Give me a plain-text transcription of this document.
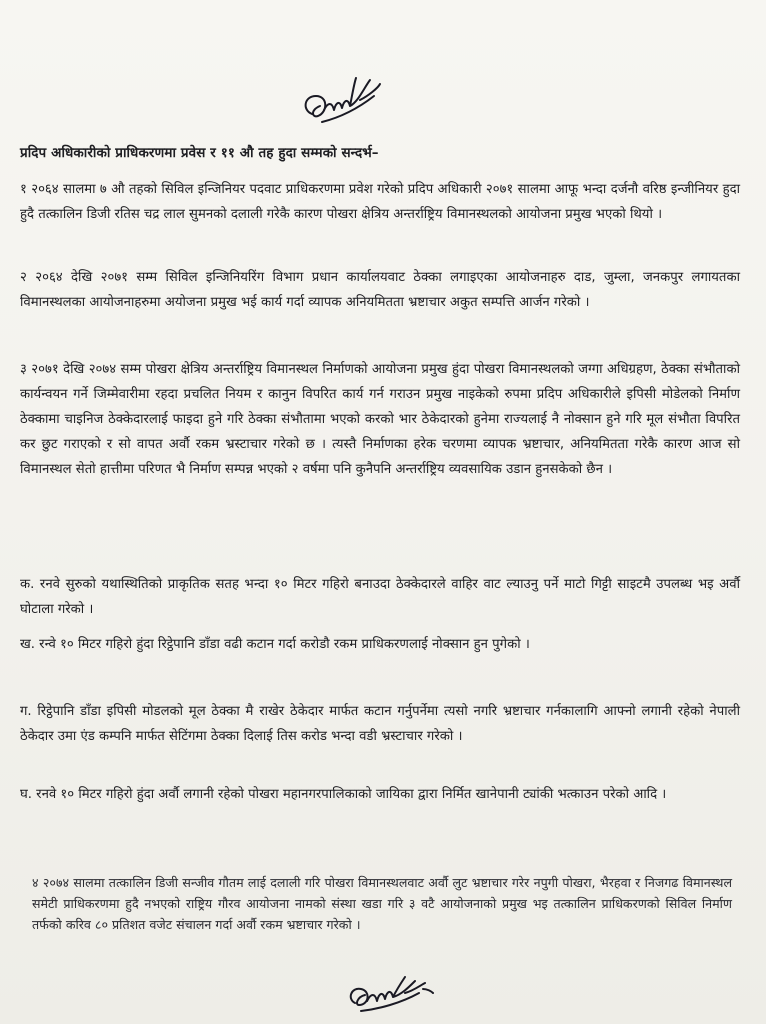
प्रदिप अधिकारीको प्राधिकरणमा प्रवेस र ११ औ तह हुदा सम्मको सन्दर्भ–
१ २०६४ सालमा ७ औ तहको सिविल इन्जिनियर पदवाट प्राधिकरणमा प्रवेश गरेको प्रदिप अधिकारी २०७१ सालमा आफू भन्दा दर्जनौ वरिष्ठ इन्जीनियर हुदा हुदै तत्कालिन डिजी रतिस चद्र लाल सुमनको दलाली गरेकै कारण पोखरा क्षेत्रिय अन्तर्राष्ट्रिय विमानस्थलको आयोजना प्रमुख भएको थियो ।
२ २०६४ देखि २०७१ सम्म सिविल इन्जिनियरिंग विभाग प्रधान कार्यालयवाट ठेक्का लगाइएका आयोजनाहरु दाड, जुम्ला, जनकपुर लगायतका विमानस्थलका आयोजनाहरुमा अयोजना प्रमुख भई कार्य गर्दा व्यापक अनियमितता भ्रष्टाचार अकुत सम्पत्ति आर्जन गरेको ।
३ २०७१ देखि २०७४ सम्म पोखरा क्षेत्रिय अन्तर्राष्ट्रिय विमानस्थल निर्माणको आयोजना प्रमुख हुंदा पोखरा विमानस्थलको जग्गा अधिग्रहण, ठेक्का संभौताको कार्यन्वयन गर्ने जिम्मेवारीमा रहदा प्रचलित नियम र कानुन विपरित कार्य गर्न गराउन प्रमुख नाइकेको रुपमा प्रदिप अधिकारीले इपिसी मोडेलको निर्माण ठेक्कामा चाइनिज ठेक्केदारलाई फाइदा हुने गरि ठेक्का संभौतामा भएको करको भार ठेकेदारको हुनेमा राज्यलाई नै नोक्सान हुने गरि मूल संभौता विपरित कर छुट गराएको र सो वापत अर्वौ रकम भ्रस्टाचार गरेको छ । त्यस्तै निर्माणका हरेक चरणमा व्यापक भ्रष्टाचार, अनियमितता गरेकै कारण आज सो विमानस्थल सेतो हात्तीमा परिणत भै निर्माण सम्पन्न भएको २ वर्षमा पनि कुनैपनि अन्तर्राष्ट्रिय व्यवसायिक उडान हुनसकेको छैन ।
क. रनवे सुरुको यथास्थितिको प्राकृतिक सतह भन्दा १० मिटर गहिरो बनाउदा ठेक्केदारले वाहिर वाट ल्याउनु पर्ने माटो गिट्टी साइटमै उपलब्ध भइ अर्वौ घोटाला गरेको ।
ख. रन्वे १० मिटर गहिरो हुंदा रिट्ठेपानि डाँडा वढी कटान गर्दा करोडौ रकम प्राधिकरणलाई नोक्सान हुन पुगेको ।
ग. रिट्ठेपानि डाँडा इपिसी मोडलको मूल ठेक्का मै राखेर ठेकेदार मार्फत कटान गर्नुपर्नेमा त्यसो नगरि भ्रष्टाचार गर्नकालागि आफ्नो लगानी रहेको नेपाली ठेकेदार उमा एंड कम्पनि मार्फत सेटिंगमा ठेक्का दिलाई तिस करोड भन्दा वडी भ्रस्टाचार गरेको ।
घ. रनवे १० मिटर गहिरो हुंदा अर्वौ लगानी रहेको पोखरा महानगरपालिकाको जायिका द्वारा निर्मित खानेपानी ट्यांकी भत्काउन परेको आदि ।
४ २०७४ सालमा तत्कालिन डिजी सन्जीव गौतम लाई दलाली गरि पोखरा विमानस्थलवाट अर्वौ लुट भ्रष्टाचार गरेर नपुगी पोखरा, भैरहवा र निजगढ विमानस्थल समेटी प्राधिकरणमा हुदै नभएको राष्ट्रिय गौरव आयोजना नामको संस्था खडा गरि ३ वटै आयोजनाको प्रमुख भइ तत्कालिन प्राधिकरणको सिविल निर्माण तर्फको करिव ८० प्रतिशत वजेट संचालन गर्दा अर्वौ रकम भ्रष्टाचार गरेको ।
